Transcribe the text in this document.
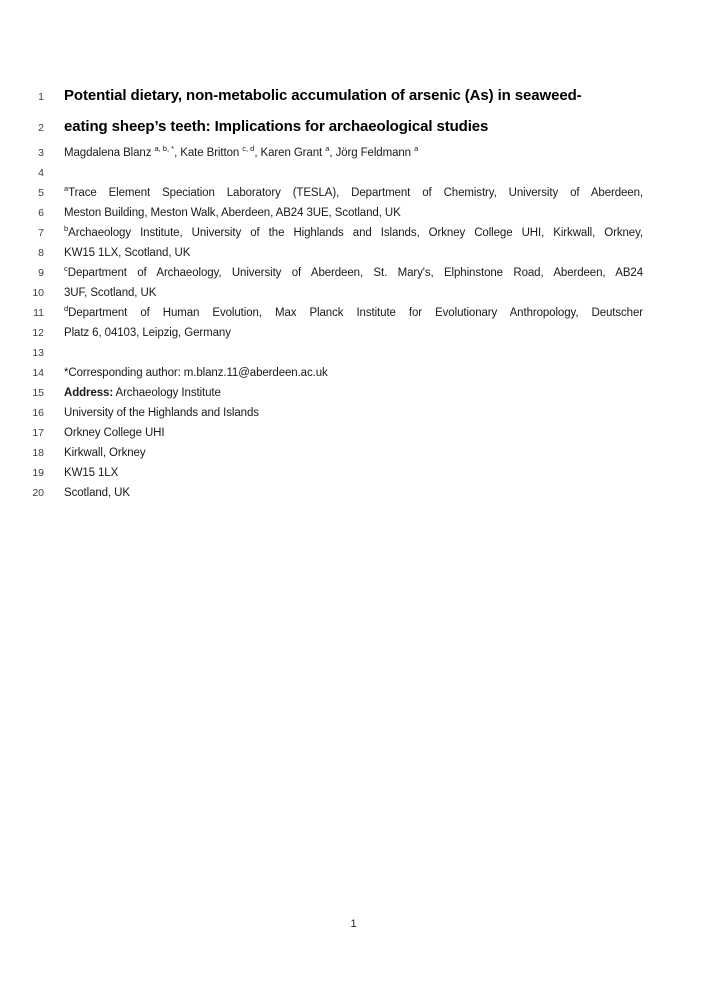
1 Potential dietary, non-metabolic accumulation of arsenic (As) in seaweed-
2 eating sheep’s teeth: Implications for archaeological studies
3 Magdalena Blanz $^{a, b, *}$, Kate Britton $^{c, d}$, Karen Grant $^a$, Jörg Feldmann $^a$
4
5	$^a$Trace Element Speciation Laboratory (TESLA), Department of Chemistry, University of Aberdeen,
6 Meston Building, Meston Walk, Aberdeen, AB24 3UE, Scotland, UK
7	$^b$Archaeology Institute, University of the Highlands and Islands, Orkney College UHI, Kirkwall, Orkney,
8 KW15 1LX, Scotland, UK
9	$^c$Department of Archaeology, University of Aberdeen, St. Mary's, Elphinstone Road, Aberdeen, AB24
10 3UF, Scotland, UK
11	$^d$Department of Human Evolution, Max Planck Institute for Evolutionary Anthropology, Deutscher
12 Platz 6, 04103, Leipzig, Germany
13
14 *Corresponding author: m.blanz.11@aberdeen.ac.uk
15 Address: Archaeology Institute
16 University of the Highlands and Islands
17 Orkney College UHI
18 Kirkwall, Orkney
19 KW15 1LX
20 Scotland, UK
1
